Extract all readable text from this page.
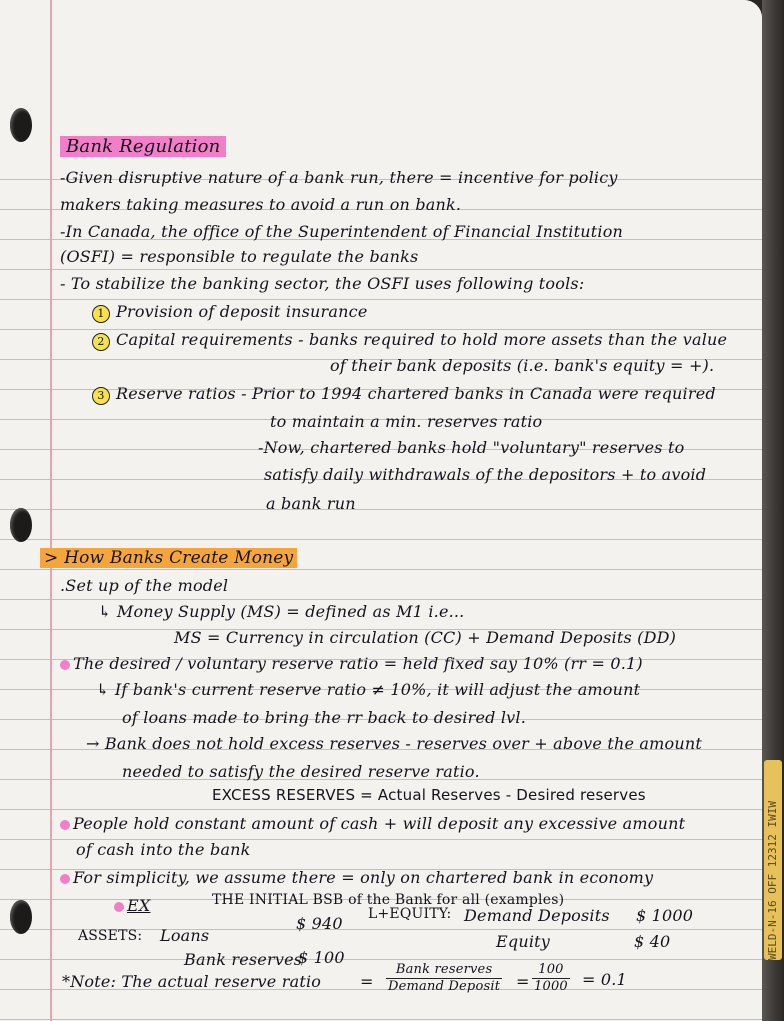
Bank Regulation
-Given disruptive nature of a bank run, there = incentive for policy
makers taking measures to avoid a run on bank.
-In Canada, the office of the Superintendent of Financial Institution
(OSFI) = responsible to regulate the banks
- To stabilize the banking sector, the OSFI uses following tools:
1 Provision of deposit insurance
2 Capital requirements - banks required to hold more assets than the value
of their bank deposits (i.e. bank's equity = +).
3 Reserve ratios - Prior to 1994 chartered banks in Canada were required
to maintain a min. reserves ratio
-Now, chartered banks hold "voluntary" reserves to
satisfy daily withdrawals of the depositors + to avoid
a bank run
> How Banks Create Money
.Set up of the model
↳ Money Supply (MS) = defined as M1 i.e...
MS = Currency in circulation (CC) + Demand Deposits (DD)
The desired / voluntary reserve ratio = held fixed say 10% (rr = 0.1)
↳ If bank's current reserve ratio ≠ 10%, it will adjust the amount
of loans made to bring the rr back to desired lvl.
→ Bank does not hold excess reserves - reserves over + above the amount
needed to satisfy the desired reserve ratio.
EXCESS RESERVES = Actual Reserves - Desired reserves
People hold constant amount of cash + will deposit any excessive amount
of cash into the bank
For simplicity, we assume there = only on chartered bank in economy
EX	THE INITIAL BSB of the Bank for all (examples)
ASSETS: Loans
$ 940 L+EQUITY: Demand Deposits $ 1000
Equity	$ 40
Bank reserves
$ 100
*Note: The actual reserve ratio = $\frac{\text{Bank reserves}}{\text{Demand Deposit}} = \frac{100}{1000} = 0.1$
WELD-N-16 OFF 12312 IWIW
